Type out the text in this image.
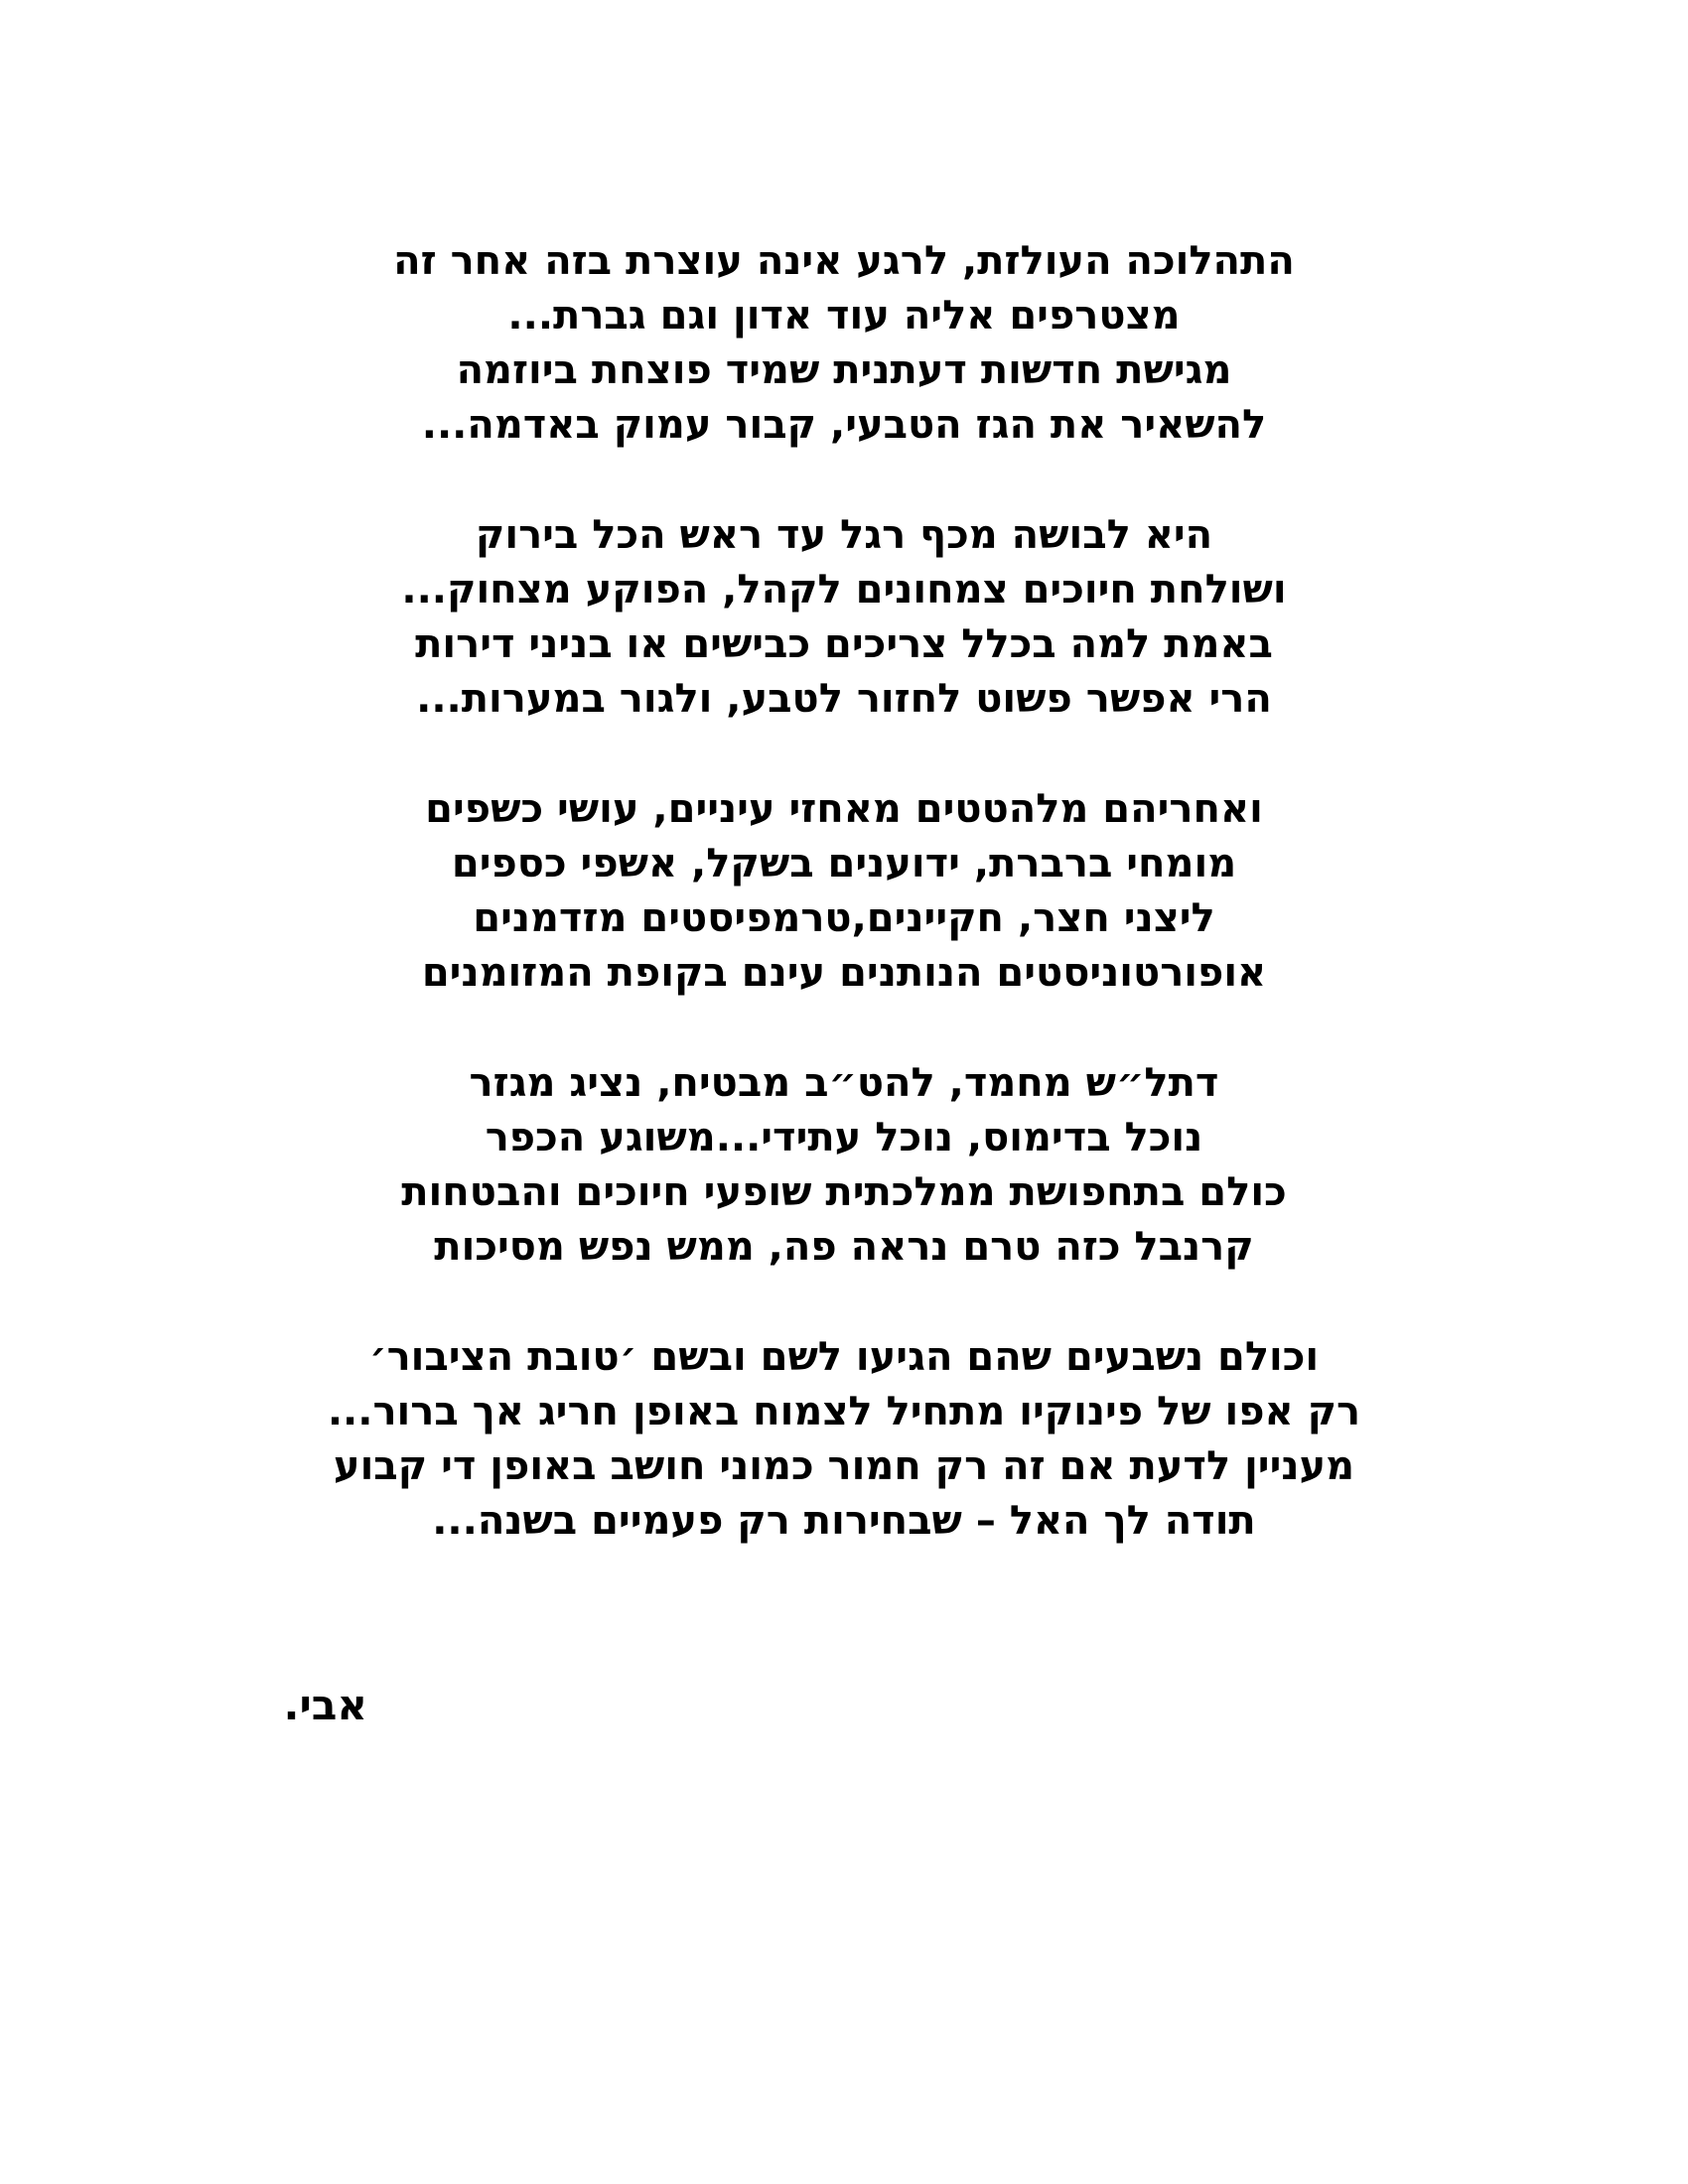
התהלוכה העולזת, לרגע אינה עוצרת בזה אחר זה
מצטרפים אליה עוד אדון וגם גברת...
מגישת חדשות דעתנית שמיד פוצחת ביוזמה
להשאיר את הגז הטבעי, קבור עמוק באדמה...
היא לבושה מכף רגל עד ראש הכל בירוק
ושולחת חיוכים צמחונים לקהל, הפוקע מצחוק...
באמת למה בכלל צריכים כבישים או בניני דירות
הרי אפשר פשוט לחזור לטבע, ולגור במערות...
ואחריהם מלהטטים מאחזי עיניים, עושי כשפים
מומחי ברברת, ידוענים בשקל, אשפי כספים
ליצני חצר, חקיינים,טרמפיסטים מזדמנים
אופורטוניסטים הנותנים עינם בקופת המזומנים
דתל״ש מחמד, להט״ב מבטיח, נציג מגזר
נוכל בדימוס, נוכל עתידי...משוגע הכפר
כולם בתחפושת ממלכתית שופעי חיוכים והבטחות
קרנבל כזה טרם נראה פה, ממש נפש מסיכות
וכולם נשבעים שהם הגיעו לשם ובשם ׳טובת הציבור׳
רק אפו של פינוקיו מתחיל לצמוח באופן חריג אך ברור...
מעניין לדעת אם זה רק חמור כמוני חושב באופן די קבוע
תודה לך האל – שבחירות רק פעמיים בשנה...
אבי.
